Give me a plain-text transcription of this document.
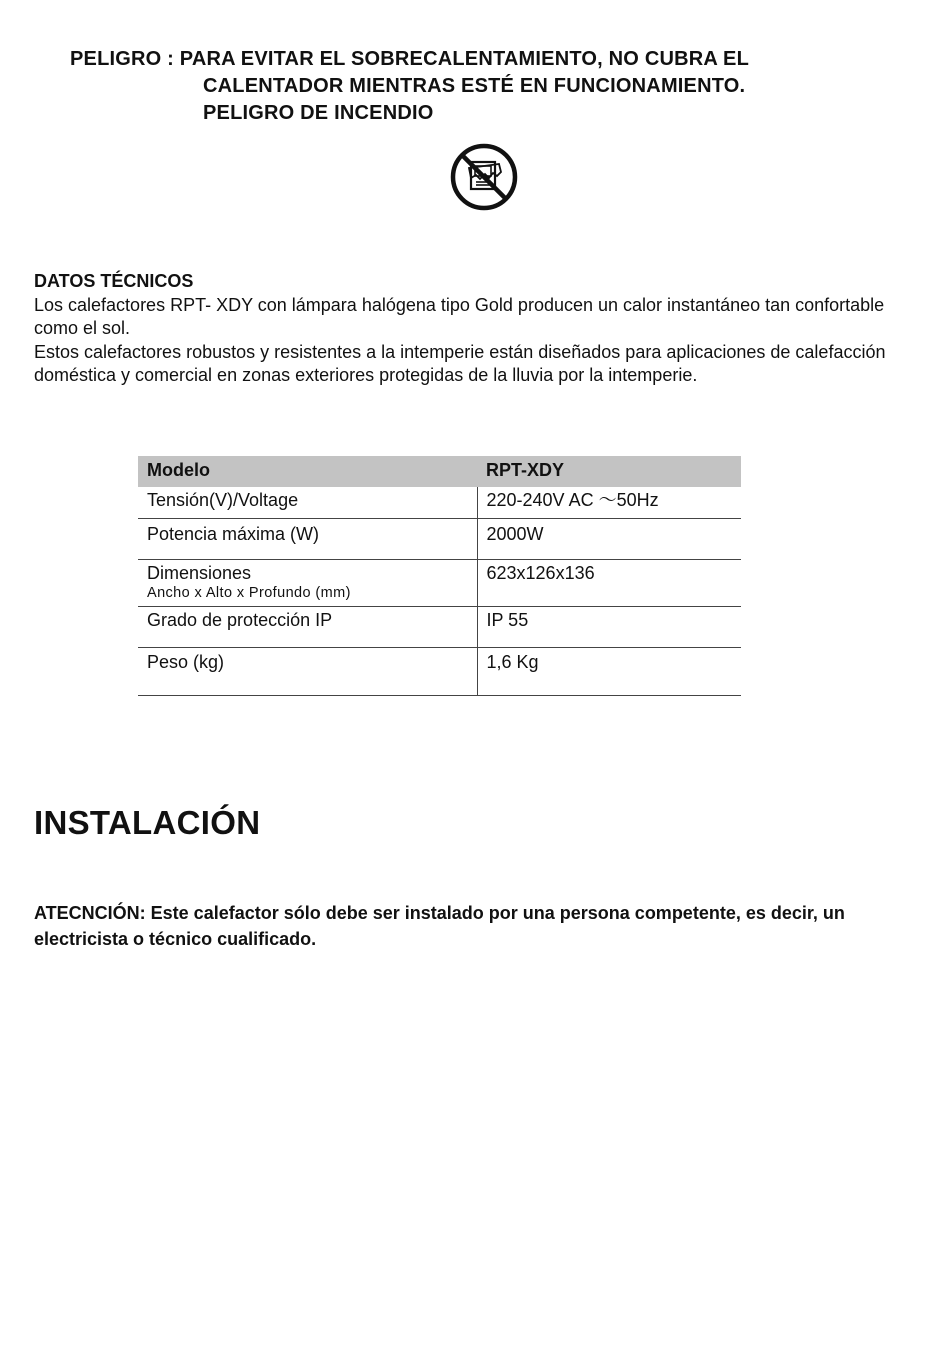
PELIGRO : PARA EVITAR EL SOBRECALENTAMIENTO, NO CUBRA EL
CALENTADOR MIENTRAS ESTÉ EN FUNCIONAMIENTO.
PELIGRO DE INCENDIO
DATOS TÉCNICOS
Los calefactores RPT- XDY con lámpara halógena tipo Gold producen un calor instantáneo tan confortable como el sol.
Estos calefactores robustos y resistentes a la intemperie están diseñados para aplicaciones de calefacción doméstica y comercial en zonas exteriores protegidas de la lluvia por la intemperie.
Modelo	RPT-XDY
Tensión(V)/Voltage	220-240V AC ～50Hz
Potencia máxima (W)	2000W
Dimensiones
Ancho x Alto x Profundo (mm)	623x126x136
Grado de protección IP	IP 55
Peso (kg)	1,6 Kg
INSTALACIÓN
ATECNCIÓN: Este calefactor sólo debe ser instalado por una persona competente, es decir, un electricista o técnico cualificado.
